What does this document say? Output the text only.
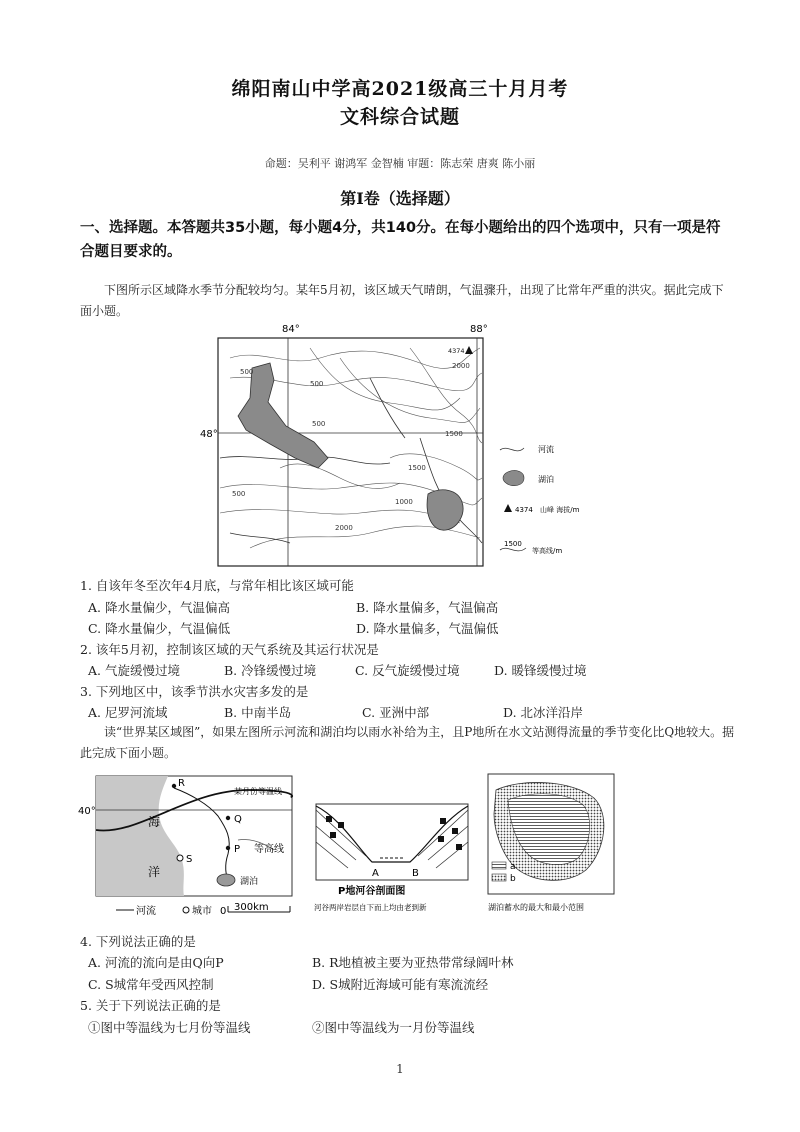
绵阳南山中学高2021级高三十月月考
文科综合试题
命题：吴利平 谢鸿军 金智楠 审题：陈志荣 唐爽 陈小丽
第Ⅰ卷（选择题）
一、选择题。本答题共35小题，每小题4分，共140分。在每小题给出的四个选项中，只有一项是符合题目要求的。
下图所示区域降水季节分配较均匀。某年5月初，该区域天气晴朗，气温骤升，出现了比常年严重的洪灾。据此完成下面小题。
84°	88°
48°
500
500
1500
2000
500
1000
1500
2000
500
4374
河流
湖泊
4374 山峰 海拔/m
1500
等高线/m
1. 自该年冬至次年4月底，与常年相比该区域可能
A. 降水量偏少，气温偏高	B. 降水量偏多，气温偏高
C. 降水量偏少，气温偏低	D. 降水量偏多，气温偏低
2. 该年5月初，控制该区域的天气系统及其运行状况是
A. 气旋缓慢过境	B. 冷锋缓慢过境	C. 反气旋缓慢过境	D. 暖锋缓慢过境
3. 下列地区中，该季节洪水灾害多发的是
A. 尼罗河流域	B. 中南半岛	C. 亚洲中部	D. 北冰洋沿岸
读“世界某区域图”，如果左图所示河流和湖泊均以雨水补给为主，且P地所在水文站测得流量的季节变化比Q地较大。据此完成下面小题。
40°
某月份等温线
R
Q
P 等高线
湖泊
S
海
洋
河流	城市 0 300km
A	B
P地河谷剖面图
河谷两岸岩层自下而上均由老到新
a
b
湖泊蓄水的最大和最小范围
4. 下列说法正确的是
A. 河流的流向是由Q向P	B. R地植被主要为亚热带常绿阔叶林
C. S城常年受西风控制	D. S城附近海域可能有寒流流经
5. 关于下列说法正确的是
①图中等温线为七月份等温线	②图中等温线为一月份等温线
1
